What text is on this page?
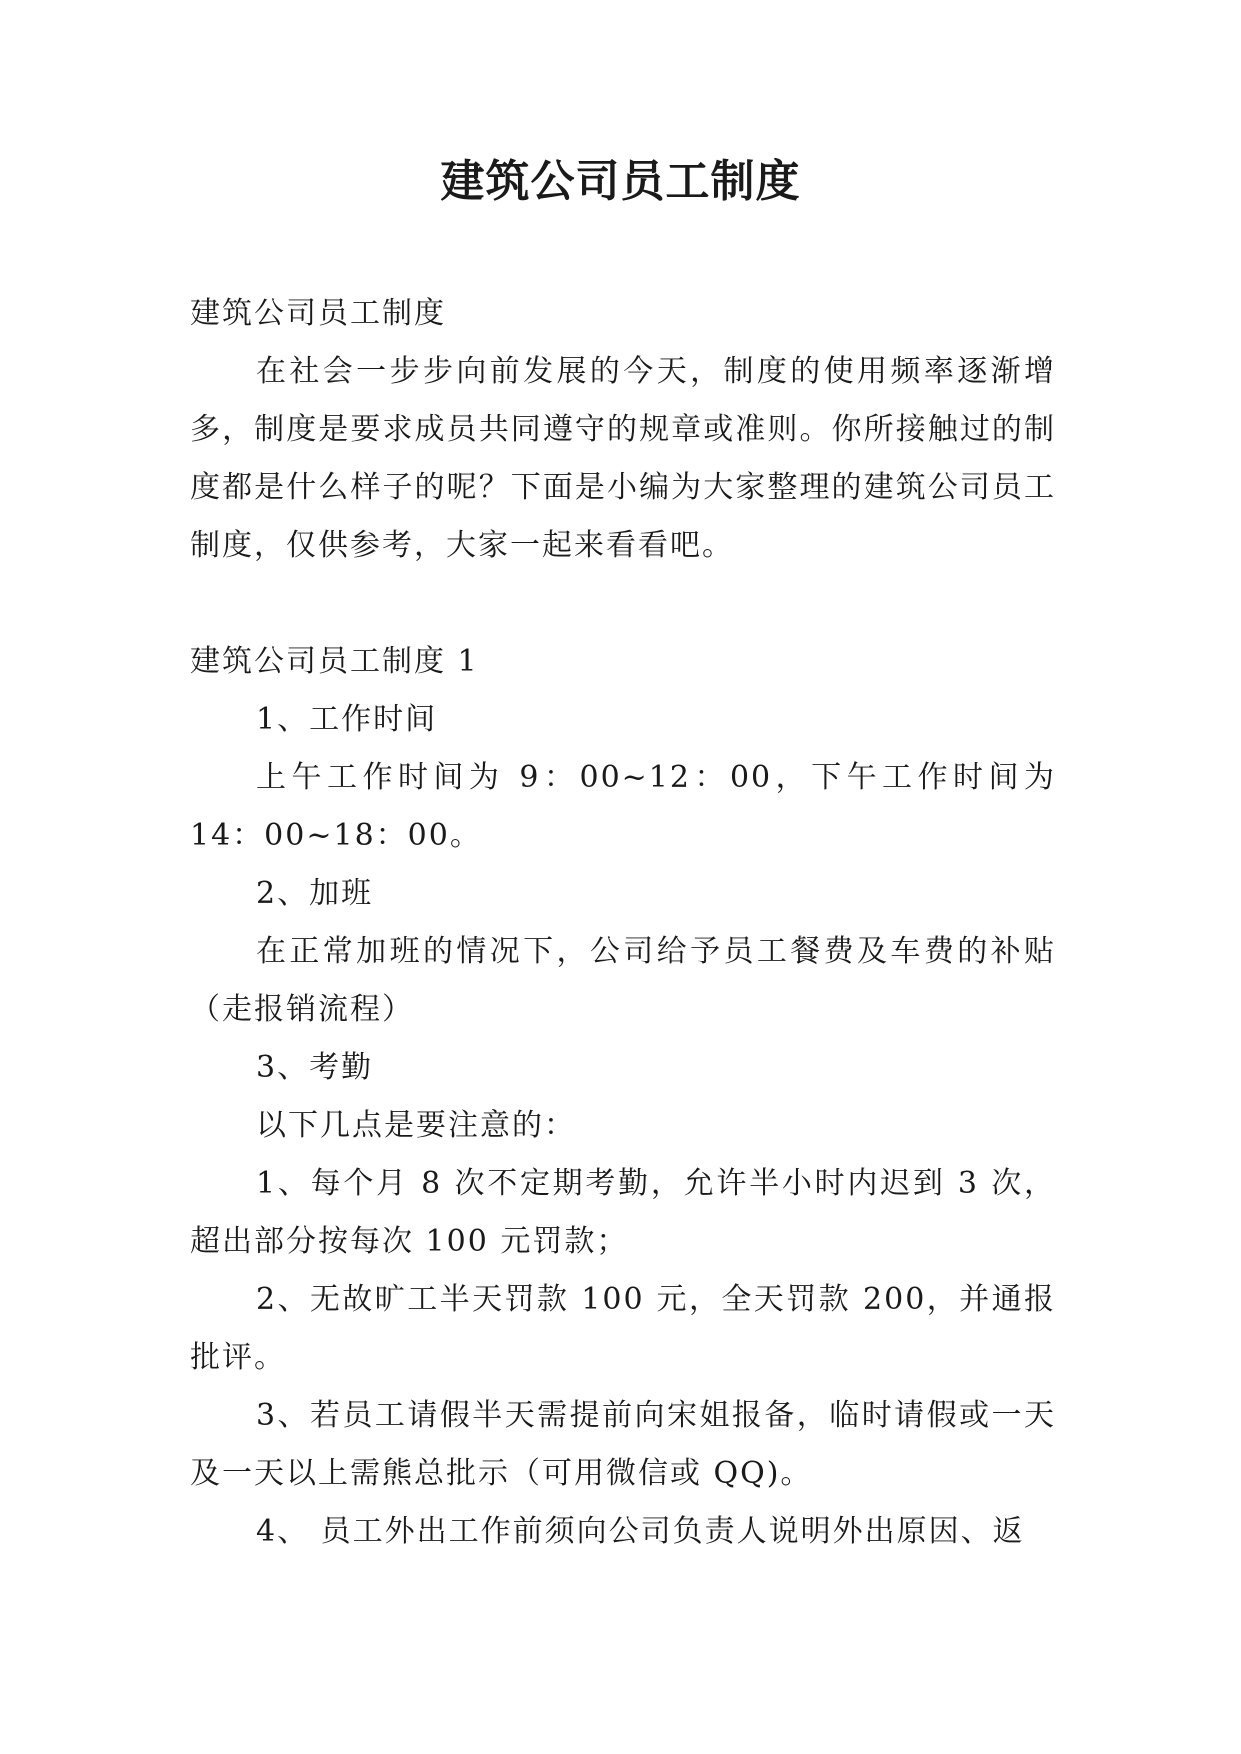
建筑公司员工制度

建筑公司员工制度

在社会一步步向前发展的今天，制度的使用频率逐渐增多，制度是要求成员共同遵守的规章或准则。你所接触过的制度都是什么样子的呢？下面是小编为大家整理的建筑公司员工制度，仅供参考，大家一起来看看吧。

建筑公司员工制度 1

1、工作时间

上午工作时间为 9：00~12：00，下午工作时间为 14：00~18：00。

2、加班

在正常加班的情况下，公司给予员工餐费及车费的补贴（走报销流程）

3、考勤

以下几点是要注意的：

1、每个月 8 次不定期考勤，允许半小时内迟到 3 次，超出部分按每次 100 元罚款；

2、无故旷工半天罚款 100 元，全天罚款 200，并通报批评。

3、若员工请假半天需提前向宋姐报备，临时请假或一天及一天以上需熊总批示（可用微信或 QQ)。

4、 员工外出工作前须向公司负责人说明外出原因、返
